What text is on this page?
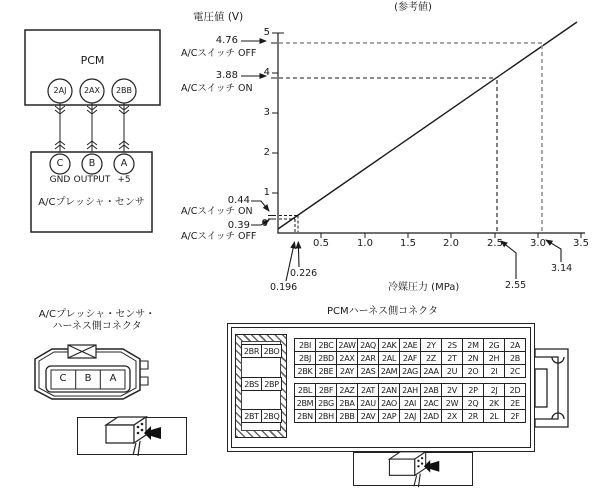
PCM
2AJ	2AX	2BB
C	B	A
GND OUTPUT +5
A/Cプレッシャ・センサ
電圧値 (V)
(参考値)
5
4
3
2
1
0
0.5	1.0	1.5	2.0	2.5	3.0	3.5
4.76
A/Cスイッチ OFF
3.88
A/Cスイッチ ON
0.44
A/Cスイッチ ON
0.39
A/Cスイッチ OFF
0.196
0.226
2.55
3.14
冷媒圧力 (MPa)
A/Cプレッシャ・センサ・
ハーネス側コネクタ
C	B	A
PCMハーネス側コネクタ
2BR 2BO
2BS 2BP
2BT 2BQ
2BI 2BC 2AW 2AQ 2AK 2AE	2Y	2S	2M	2G	2A
2BJ 2BD 2AX 2AR 2AL 2AF	2Z	2T	2N	2H	2B
2BK 2BE 2AY 2AS 2AM 2AG 2AA	2U	2O	2I	2C
2BL 2BF 2AZ 2AT 2AN 2AH 2AB	2V	2P	2J	2D
2BM 2BG 2BA 2AU 2AO 2AI 2AC 2W	2Q	2K	2E
2BN 2BH 2BB 2AV 2AP 2AJ 2AD	2X	2R	2L	2F
